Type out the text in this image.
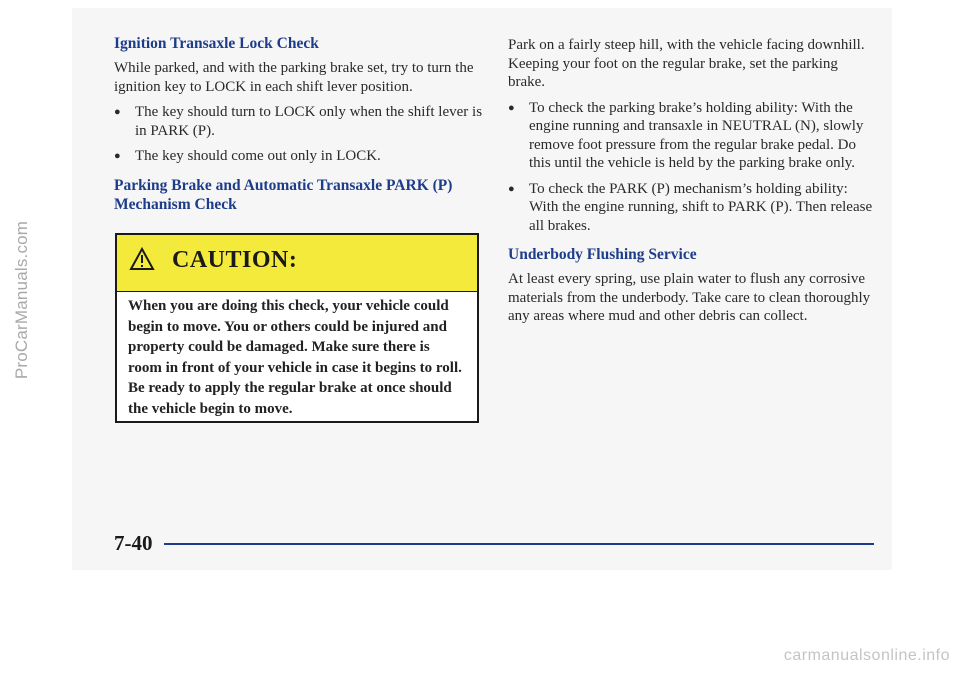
ProCarManuals.com
Ignition Transaxle Lock Check

While parked, and with the parking brake set, try to turn the ignition key to LOCK in each shift lever position.

● The key should turn to LOCK only when the shift lever is in PARK (P).
● The key should come out only in LOCK.
Parking Brake and Automatic Transaxle PARK (P) Mechanism Check
CAUTION:
When you are doing this check, your vehicle could begin to move. You or others could be injured and property could be damaged. Make sure there is room in front of your vehicle in case it begins to roll. Be ready to apply the regular brake at once should the vehicle begin to move.

Park on a fairly steep hill, with the vehicle facing downhill. Keeping your foot on the regular brake, set the parking brake.

● To check the parking brake’s holding ability: With the engine running and transaxle in NEUTRAL (N), slowly remove foot pressure from the regular brake pedal. Do this until the vehicle is held by the parking brake only.
● To check the PARK (P) mechanism’s holding ability: With the engine running, shift to PARK (P). Then release all brakes.
Underbody Flushing Service

At least every spring, use plain water to flush any corrosive materials from the underbody. Take care to clean thoroughly any areas where mud and other debris can collect.

7-40
carmanualsonline.info
